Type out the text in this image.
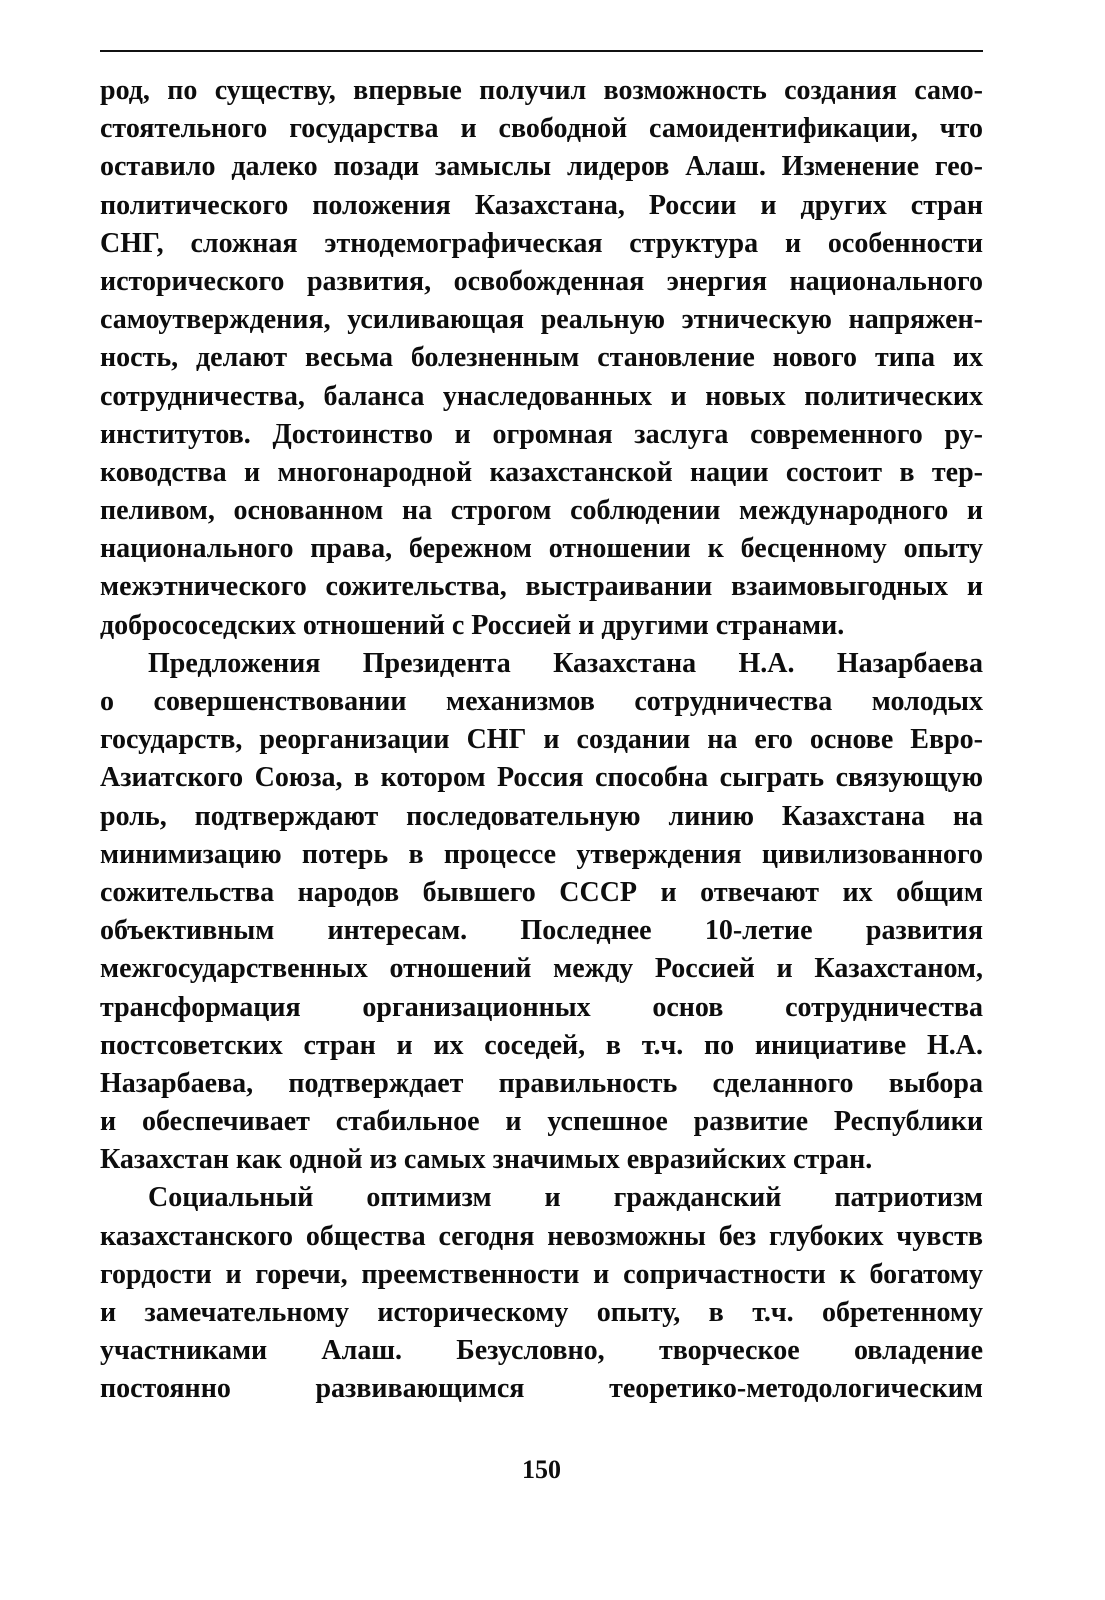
род, по существу, впервые получил возможность создания само-
стоятельного государства и свободной самоидентификации, что
оставило далеко позади замыслы лидеров Алаш. Изменение гео-
политического положения Казахстана, России и других стран
СНГ, сложная этнодемографическая структура и особенности
исторического развития, освобожденная энергия национального
самоутверждения, усиливающая реальную этническую напряжен-
ность, делают весьма болезненным становление нового типа их
сотрудничества, баланса унаследованных и новых политических
институтов. Достоинство и огромная заслуга современного ру-
ководства и многонародной казахстанской нации состоит в тер-
пеливом, основанном на строгом соблюдении международного и
национального права, бережном отношении к бесценному опыту
межэтнического сожительства, выстраивании взаимовыгодных и
добрососедских отношений с Россией и другими странами.
Предложения Президента Казахстана Н.А. Назарбаева
о совершенствовании механизмов сотрудничества молодых
государств, реорганизации СНГ и создании на его основе Евро-
Азиатского Союза, в котором Россия способна сыграть связующую
роль, подтверждают последовательную линию Казахстана на
минимизацию потерь в процессе утверждения цивилизованного
сожительства народов бывшего СССР и отвечают их общим
объективным интересам. Последнее 10-летие развития
межгосударственных отношений между Россией и Казахстаном,
трансформация организационных основ сотрудничества
постсоветских стран и их соседей, в т.ч. по инициативе Н.А.
Назарбаева, подтверждает правильность сделанного выбора
и обеспечивает стабильное и успешное развитие Республики
Казахстан как одной из самых значимых евразийских стран.
Социальный оптимизм и гражданский патриотизм
казахстанского общества сегодня невозможны без глубоких чувств
гордости и горечи, преемственности и сопричастности к богатому
и замечательному историческому опыту, в т.ч. обретенному
участниками Алаш. Безусловно, творческое овладение
постоянно развивающимся теоретико-методологическим
150
